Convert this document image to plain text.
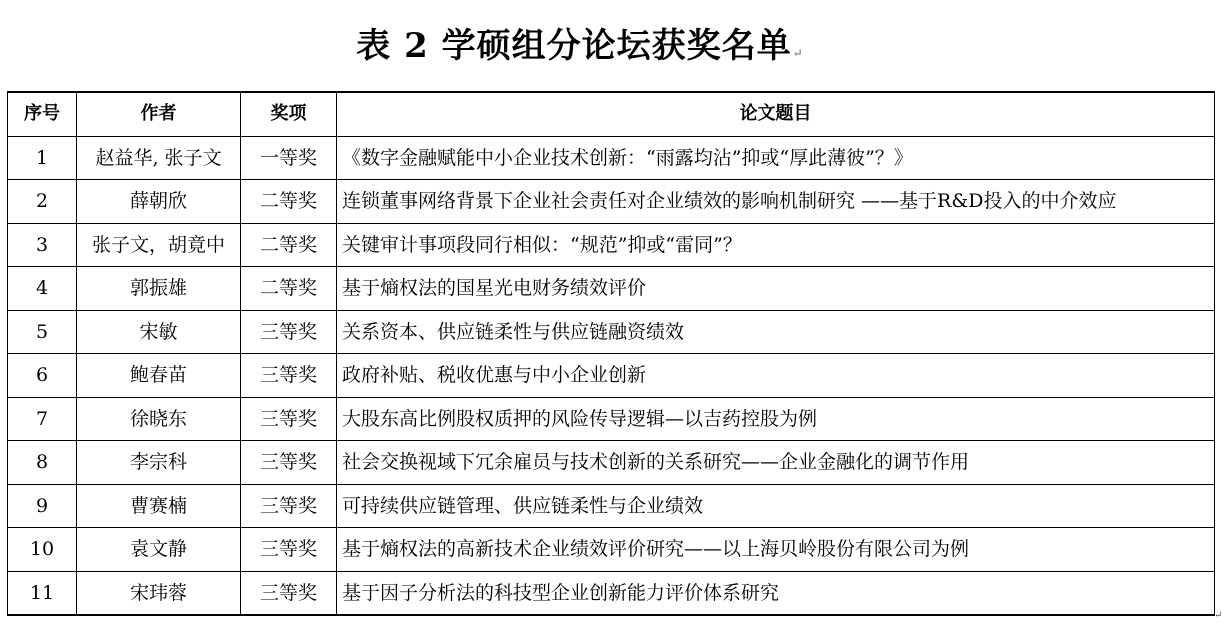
表 2 学硕组分论坛获奖名单↵
序号	作者	奖项	论文题目
1	赵益华, 张子文	一等奖	《数字金融赋能中小企业技术创新：“雨露均沾”抑或“厚此薄彼”？》
2	薛朝欣	二等奖	连锁董事网络背景下企业社会责任对企业绩效的影响机制研究 ——基于R&D投入的中介效应
3	张子文，胡竟中	二等奖	关键审计事项段同行相似：“规范”抑或“雷同”？
4	郭振雄	二等奖	基于熵权法的国星光电财务绩效评价
5	宋敏	三等奖	关系资本、供应链柔性与供应链融资绩效
6	鲍春苗	三等奖	政府补贴、税收优惠与中小企业创新
7	徐晓东	三等奖	大股东高比例股权质押的风险传导逻辑—以吉药控股为例
8	李宗科	三等奖	社会交换视域下冗余雇员与技术创新的关系研究——企业金融化的调节作用
9	曹赛楠	三等奖	可持续供应链管理、供应链柔性与企业绩效
10	袁文静	三等奖	基于熵权法的高新技术企业绩效评价研究——以上海贝岭股份有限公司为例
11	宋玮蓉	三等奖	基于因子分析法的科技型企业创新能力评价体系研究
↵
